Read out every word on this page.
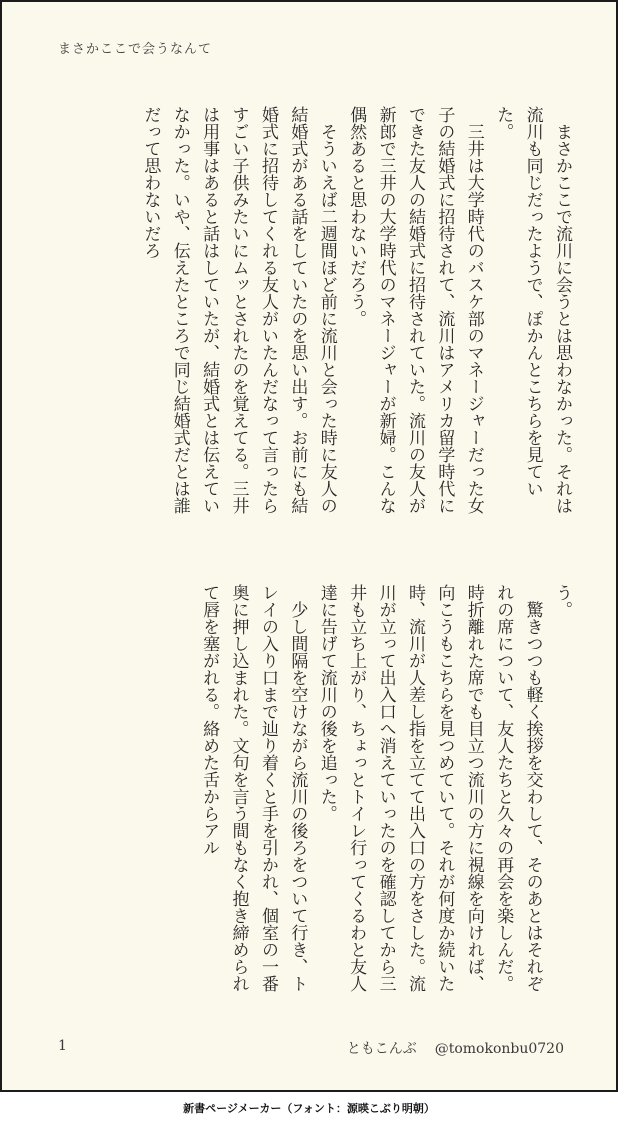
まさかここで会うなんて

まさかここで流川に会うとは思わなかった。それは流川も同じだったようで、ぽかんとこちらを見ていた。

三井は大学時代のバスケ部のマネージャーだった女子の結婚式に招待されて、流川はアメリカ留学時代にできた友人の結婚式に招待されていた。流川の友人が新郎で三井の大学時代のマネージャーが新婦。こんな偶然あると思わないだろう。

そういえば二週間ほど前に流川と会った時に友人の結婚式がある話をしていたのを思い出す。お前にも結婚式に招待してくれる友人がいたんだなって言ったらすごい子供みたいにムッとされたのを覚えてる。三井は用事はあると話はしていたが、結婚式とは伝えていなかった。いや、伝えたところで同じ結婚式だとは誰だって思わないだろ

う。

驚きつつも軽く挨拶を交わして、そのあとはそれぞれの席について、友人たちと久々の再会を楽しんだ。時折離れた席でも目立つ流川の方に視線を向ければ、向こうもこちらを見つめていて。それが何度か続いた時、流川が人差し指を立てて出入口の方をさした。流川が立って出入口へ消えていったのを確認してから三井も立ち上がり、ちょっとトイレ行ってくるわと友人達に告げて流川の後を追った。

少し間隔を空けながら流川の後ろをついて行き、トレイの入り口まで辿り着くと手を引かれ、個室の一番奥に押し込まれた。文句を言う間もなく抱き締められて唇を塞がれる。絡めた舌からアル

1	ともこんぶ @tomokonbu0720
新書ページメーカー（フォント：源暎こぶり明朝）
